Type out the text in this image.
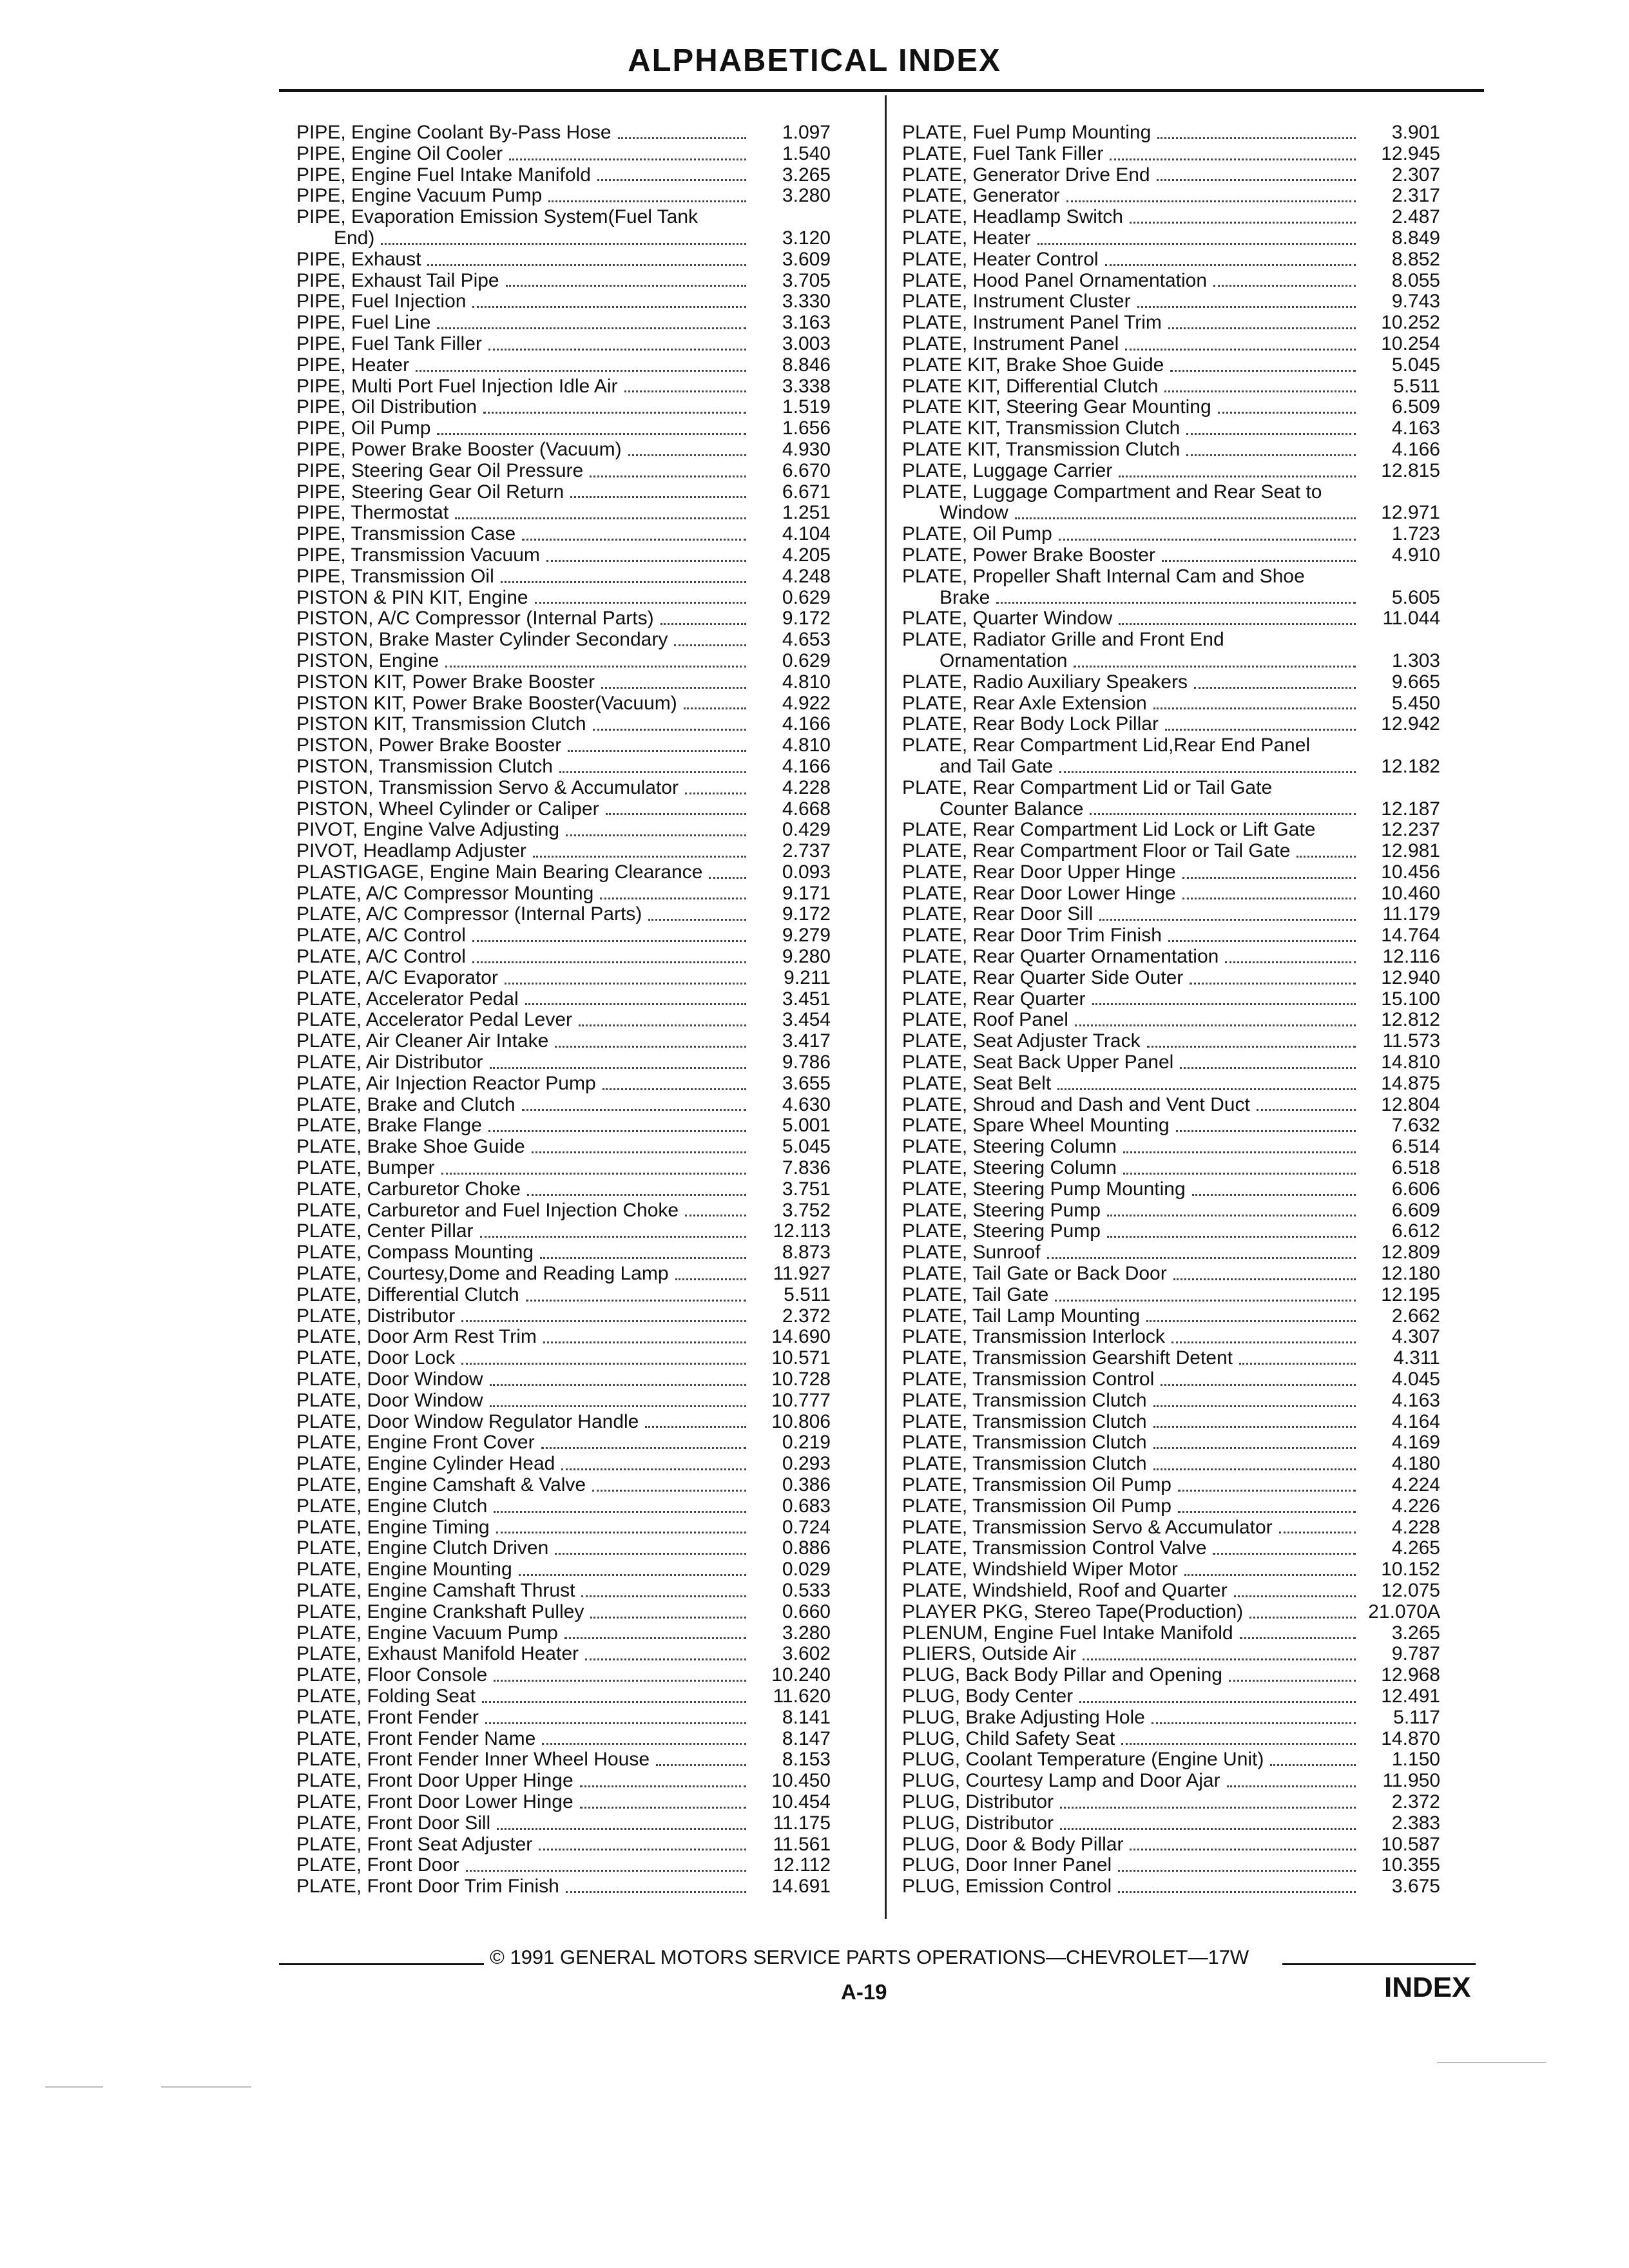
ALPHABETICAL INDEX
PIPE, Engine Coolant By-Pass Hose	1.097
PIPE, Engine Oil Cooler	1.540
PIPE, Engine Fuel Intake Manifold	3.265
PIPE, Engine Vacuum Pump	3.280
PIPE, Evaporation Emission System(Fuel Tank
End)	3.120
PIPE, Exhaust	3.609
PIPE, Exhaust Tail Pipe	3.705
PIPE, Fuel Injection	3.330
PIPE, Fuel Line	3.163
PIPE, Fuel Tank Filler	3.003
PIPE, Heater	8.846
PIPE, Multi Port Fuel Injection Idle Air	3.338
PIPE, Oil Distribution	1.519
PIPE, Oil Pump	1.656
PIPE, Power Brake Booster (Vacuum)	4.930
PIPE, Steering Gear Oil Pressure	6.670
PIPE, Steering Gear Oil Return	6.671
PIPE, Thermostat	1.251
PIPE, Transmission Case	4.104
PIPE, Transmission Vacuum	4.205
PIPE, Transmission Oil	4.248
PISTON & PIN KIT, Engine	0.629
PISTON, A/C Compressor (Internal Parts)	9.172
PISTON, Brake Master Cylinder Secondary	4.653
PISTON, Engine	0.629
PISTON KIT, Power Brake Booster	4.810
PISTON KIT, Power Brake Booster(Vacuum)	4.922
PISTON KIT, Transmission Clutch	4.166
PISTON, Power Brake Booster	4.810
PISTON, Transmission Clutch	4.166
PISTON, Transmission Servo & Accumulator	4.228
PISTON, Wheel Cylinder or Caliper	4.668
PIVOT, Engine Valve Adjusting	0.429
PIVOT, Headlamp Adjuster	2.737
PLASTIGAGE, Engine Main Bearing Clearance	0.093
PLATE, A/C Compressor Mounting	9.171
PLATE, A/C Compressor (Internal Parts)	9.172
PLATE, A/C Control	9.279
PLATE, A/C Control	9.280
PLATE, A/C Evaporator	9.211
PLATE, Accelerator Pedal	3.451
PLATE, Accelerator Pedal Lever	3.454
PLATE, Air Cleaner Air Intake	3.417
PLATE, Air Distributor	9.786
PLATE, Air Injection Reactor Pump	3.655
PLATE, Brake and Clutch	4.630
PLATE, Brake Flange	5.001
PLATE, Brake Shoe Guide	5.045
PLATE, Bumper	7.836
PLATE, Carburetor Choke	3.751
PLATE, Carburetor and Fuel Injection Choke	3.752
PLATE, Center Pillar	12.113
PLATE, Compass Mounting	8.873
PLATE, Courtesy,Dome and Reading Lamp	11.927
PLATE, Differential Clutch	5.511
PLATE, Distributor	2.372
PLATE, Door Arm Rest Trim	14.690
PLATE, Door Lock	10.571
PLATE, Door Window	10.728
PLATE, Door Window	10.777
PLATE, Door Window Regulator Handle	10.806
PLATE, Engine Front Cover	0.219
PLATE, Engine Cylinder Head	0.293
PLATE, Engine Camshaft & Valve	0.386
PLATE, Engine Clutch	0.683
PLATE, Engine Timing	0.724
PLATE, Engine Clutch Driven	0.886
PLATE, Engine Mounting	0.029
PLATE, Engine Camshaft Thrust	0.533
PLATE, Engine Crankshaft Pulley	0.660
PLATE, Engine Vacuum Pump	3.280
PLATE, Exhaust Manifold Heater	3.602
PLATE, Floor Console	10.240
PLATE, Folding Seat	11.620
PLATE, Front Fender	8.141
PLATE, Front Fender Name	8.147
PLATE, Front Fender Inner Wheel House	8.153
PLATE, Front Door Upper Hinge	10.450
PLATE, Front Door Lower Hinge	10.454
PLATE, Front Door Sill	11.175
PLATE, Front Seat Adjuster	11.561
PLATE, Front Door	12.112
PLATE, Front Door Trim Finish	14.691
PLATE, Fuel Pump Mounting	3.901
PLATE, Fuel Tank Filler	12.945
PLATE, Generator Drive End	2.307
PLATE, Generator	2.317
PLATE, Headlamp Switch	2.487
PLATE, Heater	8.849
PLATE, Heater Control	8.852
PLATE, Hood Panel Ornamentation	8.055
PLATE, Instrument Cluster	9.743
PLATE, Instrument Panel Trim	10.252
PLATE, Instrument Panel	10.254
PLATE KIT, Brake Shoe Guide	5.045
PLATE KIT, Differential Clutch	5.511
PLATE KIT, Steering Gear Mounting	6.509
PLATE KIT, Transmission Clutch	4.163
PLATE KIT, Transmission Clutch	4.166
PLATE, Luggage Carrier	12.815
PLATE, Luggage Compartment and Rear Seat to
Window	12.971
PLATE, Oil Pump	1.723
PLATE, Power Brake Booster	4.910
PLATE, Propeller Shaft Internal Cam and Shoe
Brake	5.605
PLATE, Quarter Window	11.044
PLATE, Radiator Grille and Front End
Ornamentation	1.303
PLATE, Radio Auxiliary Speakers	9.665
PLATE, Rear Axle Extension	5.450
PLATE, Rear Body Lock Pillar	12.942
PLATE, Rear Compartment Lid,Rear End Panel
and Tail Gate	12.182
PLATE, Rear Compartment Lid or Tail Gate
Counter Balance	12.187
PLATE, Rear Compartment Lid Lock or Lift Gate	12.237
PLATE, Rear Compartment Floor or Tail Gate	12.981
PLATE, Rear Door Upper Hinge	10.456
PLATE, Rear Door Lower Hinge	10.460
PLATE, Rear Door Sill	11.179
PLATE, Rear Door Trim Finish	14.764
PLATE, Rear Quarter Ornamentation	12.116
PLATE, Rear Quarter Side Outer	12.940
PLATE, Rear Quarter	15.100
PLATE, Roof Panel	12.812
PLATE, Seat Adjuster Track	11.573
PLATE, Seat Back Upper Panel	14.810
PLATE, Seat Belt	14.875
PLATE, Shroud and Dash and Vent Duct	12.804
PLATE, Spare Wheel Mounting	7.632
PLATE, Steering Column	6.514
PLATE, Steering Column	6.518
PLATE, Steering Pump Mounting	6.606
PLATE, Steering Pump	6.609
PLATE, Steering Pump	6.612
PLATE, Sunroof	12.809
PLATE, Tail Gate or Back Door	12.180
PLATE, Tail Gate	12.195
PLATE, Tail Lamp Mounting	2.662
PLATE, Transmission Interlock	4.307
PLATE, Transmission Gearshift Detent	4.311
PLATE, Transmission Control	4.045
PLATE, Transmission Clutch	4.163
PLATE, Transmission Clutch	4.164
PLATE, Transmission Clutch	4.169
PLATE, Transmission Clutch	4.180
PLATE, Transmission Oil Pump	4.224
PLATE, Transmission Oil Pump	4.226
PLATE, Transmission Servo & Accumulator	4.228
PLATE, Transmission Control Valve	4.265
PLATE, Windshield Wiper Motor	10.152
PLATE, Windshield, Roof and Quarter	12.075
PLAYER PKG, Stereo Tape(Production)	21.070A
PLENUM, Engine Fuel Intake Manifold	3.265
PLIERS, Outside Air	9.787
PLUG, Back Body Pillar and Opening	12.968
PLUG, Body Center	12.491
PLUG, Brake Adjusting Hole	5.117
PLUG, Child Safety Seat	14.870
PLUG, Coolant Temperature (Engine Unit)	1.150
PLUG, Courtesy Lamp and Door Ajar	11.950
PLUG, Distributor	2.372
PLUG, Distributor	2.383
PLUG, Door & Body Pillar	10.587
PLUG, Door Inner Panel	10.355
PLUG, Emission Control	3.675
© 1991 GENERAL MOTORS SERVICE PARTS OPERATIONS—CHEVROLET—17W
A-19	INDEX
